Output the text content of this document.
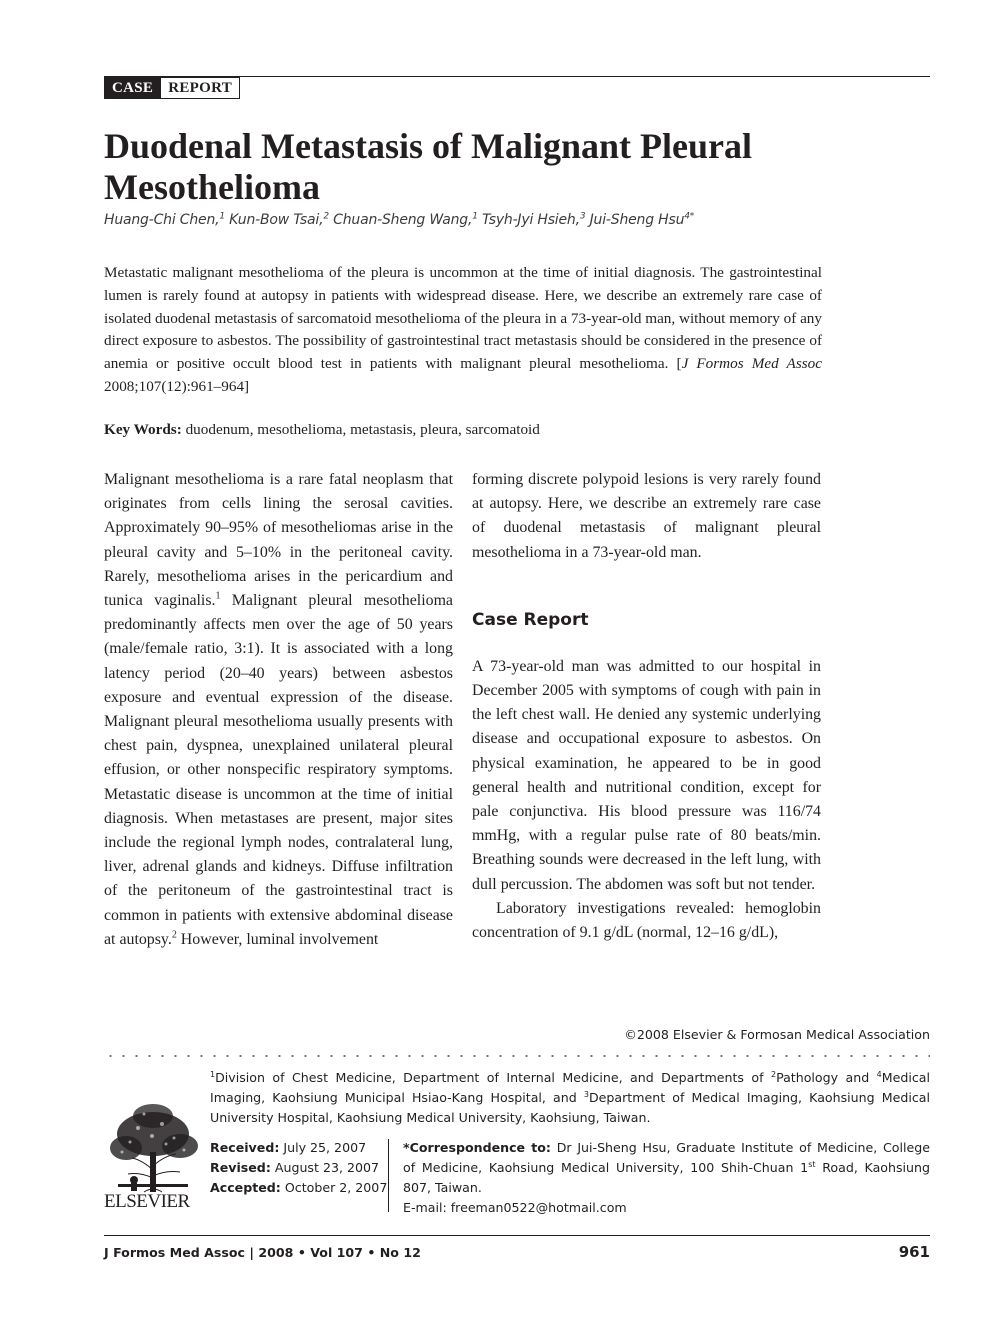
CASE	REPORT
Duodenal Metastasis of Malignant Pleural Mesothelioma
Huang-Chi Chen,$^1$ Kun-Bow Tsai,$^2$ Chuan-Sheng Wang,$^1$ Tsyh-Jyi Hsieh,$^3$ Jui-Sheng Hsu$^{4*}$

Metastatic malignant mesothelioma of the pleura is uncommon at the time of initial diagnosis. The gastrointestinal lumen is rarely found at autopsy in patients with widespread disease. Here, we describe an extremely rare case of isolated duodenal metastasis of sarcomatoid mesothelioma of the pleura in a 73-year-old man, without memory of any direct exposure to asbestos. The possibility of gastrointestinal tract metastasis should be considered in the presence of anemia or positive occult blood test in patients with malignant pleural mesothelioma. [J Formos Med Assoc 2008;107(12):961–964]

Key Words: duodenum, mesothelioma, metastasis, pleura, sarcomatoid

Malignant mesothelioma is a rare fatal neoplasm that originates from cells lining the serosal cavities. Approximately 90–95% of mesotheliomas arise in the pleural cavity and 5–10% in the peritoneal cavity. Rarely, mesothelioma arises in the pericardium and tunica vaginalis.$^1$ Malignant pleural mesothelioma predominantly affects men over the age of 50 years (male/female ratio, 3:1). It is associated with a long latency period (20–40 years) between asbestos exposure and eventual expression of the disease. Malignant pleural mesothelioma usually presents with chest pain, dyspnea, unexplained unilateral pleural effusion, or other nonspecific respiratory symptoms. Metastatic disease is uncommon at the time of initial diagnosis. When metastases are present, major sites include the regional lymph nodes, contralateral lung, liver, adrenal glands and kidneys. Diffuse infiltration of the peritoneum of the gastrointestinal tract is common in patients with extensive abdominal disease at autopsy.$^2$ However, luminal involvement

forming discrete polypoid lesions is very rarely found at autopsy. Here, we describe an extremely rare case of duodenal metastasis of malignant pleural mesothelioma in a 73-year-old man.

Case Report

A 73-year-old man was admitted to our hospital in December 2005 with symptoms of cough with pain in the left chest wall. He denied any systemic underlying disease and occupational exposure to asbestos. On physical examination, he appeared to be in good general health and nutritional condition, except for pale conjunctiva. His blood pressure was 116/74 mmHg, with a regular pulse rate of 80 beats/min. Breathing sounds were decreased in the left lung, with dull percussion. The abdomen was soft but not tender.

Laboratory investigations revealed: hemoglobin concentration of 9.1 g/dL (normal, 12–16 g/dL),

©2008 Elsevier & Formosan Medical Association
ELSEVIER

$^1$Division of Chest Medicine, Department of Internal Medicine, and Departments of $^2$Pathology and $^4$Medical Imaging, Kaohsiung Municipal Hsiao-Kang Hospital, and $^3$Department of Medical Imaging, Kaohsiung Medical University Hospital, Kaohsiung Medical University, Kaohsiung, Taiwan.

Received: July 25, 2007
Revised: August 23, 2007
Accepted: October 2, 2007
*Correspondence to: Dr Jui-Sheng Hsu, Graduate Institute of Medicine, College of Medicine, Kaohsiung Medical University, 100 Shih-Chuan 1st Road, Kaohsiung 807, Taiwan.
E-mail: freeman0522@hotmail.com
J Formos Med Assoc | 2008 • Vol 107 • No 12	961
